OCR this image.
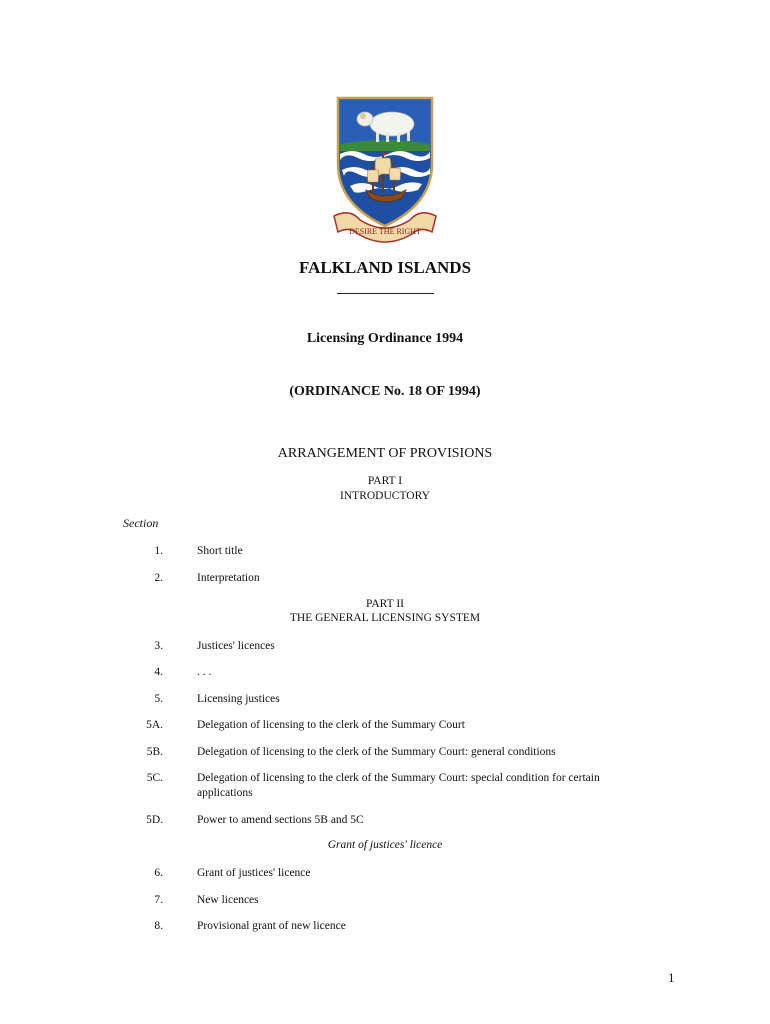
DESIRE THE RIGHT
FALKLAND ISLANDS
Licensing Ordinance 1994
(ORDINANCE No. 18 OF 1994)
ARRANGEMENT OF PROVISIONS
PART I
INTRODUCTORY
Section
1.	Short title
2.	Interpretation
PART II
THE GENERAL LICENSING SYSTEM
3.	Justices' licences
4.	. . .
5.	Licensing justices
5A.	Delegation of licensing to the clerk of the Summary Court
5B.	Delegation of licensing to the clerk of the Summary Court: general conditions
5C.	Delegation of licensing to the clerk of the Summary Court: special condition for certain applications
5D.	Power to amend sections 5B and 5C
Grant of justices' licence
6.	Grant of justices' licence
7.	New licences
8.	Provisional grant of new licence
1
